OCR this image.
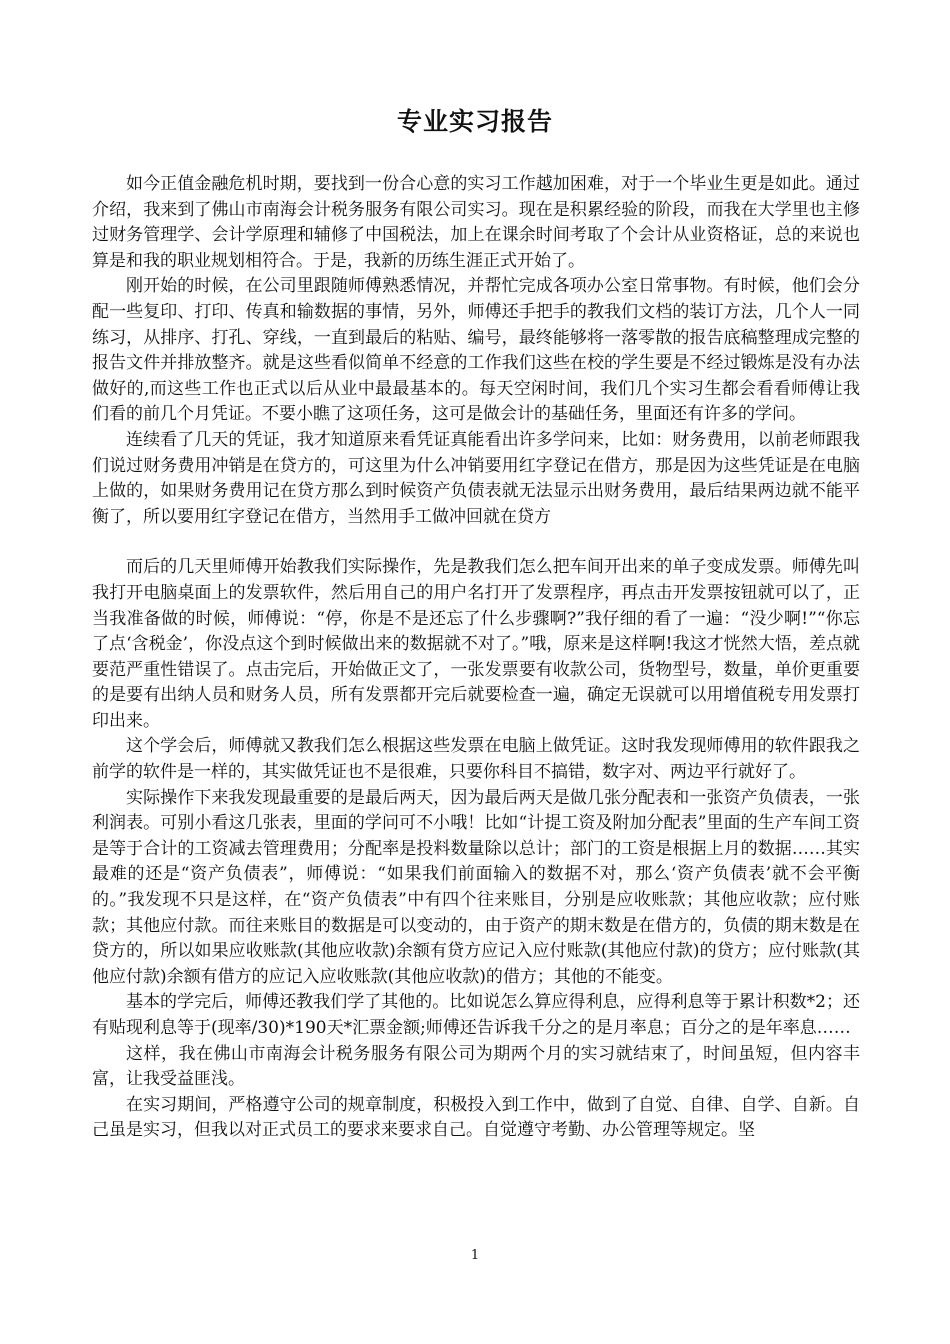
专业实习报告

如今正值金融危机时期，要找到一份合心意的实习工作越加困难，对于一个毕业生更是如此。通过介绍，我来到了佛山市南海会计税务服务有限公司实习。现在是积累经验的阶段，而我在大学里也主修过财务管理学、会计学原理和辅修了中国税法，加上在课余时间考取了个会计从业资格证，总的来说也算是和我的职业规划相符合。于是，我新的历练生涯正式开始了。

刚开始的时候，在公司里跟随师傅熟悉情况，并帮忙完成各项办公室日常事物。有时候，他们会分配一些复印、打印、传真和输数据的事情，另外，师傅还手把手的教我们文档的装订方法，几个人一同练习，从排序、打孔、穿线，一直到最后的粘贴、编号，最终能够将一落零散的报告底稿整理成完整的报告文件并排放整齐。就是这些看似简单不经意的工作我们这些在校的学生要是不经过锻炼是没有办法做好的,而这些工作也正式以后从业中最最基本的。每天空闲时间，我们几个实习生都会看看师傅让我们看的前几个月凭证。不要小瞧了这项任务，这可是做会计的基础任务，里面还有许多的学问。

连续看了几天的凭证，我才知道原来看凭证真能看出许多学问来，比如：财务费用，以前老师跟我们说过财务费用冲销是在贷方的，可这里为什么冲销要用红字登记在借方，那是因为这些凭证是在电脑上做的，如果财务费用记在贷方那么到时候资产负债表就无法显示出财务费用，最后结果两边就不能平衡了，所以要用红字登记在借方，当然用手工做冲回就在贷方

而后的几天里师傅开始教我们实际操作，先是教我们怎么把车间开出来的单子变成发票。师傅先叫我打开电脑桌面上的发票软件，然后用自己的用户名打开了发票程序，再点击开发票按钮就可以了，正当我准备做的时候，师傅说：“停，你是不是还忘了什么步骤啊?”我仔细的看了一遍：“没少啊!”“你忘了点‘含税金’，你没点这个到时候做出来的数据就不对了。”哦，原来是这样啊!我这才恍然大悟，差点就要范严重性错误了。点击完后，开始做正文了，一张发票要有收款公司，货物型号，数量，单价更重要的是要有出纳人员和财务人员，所有发票都开完后就要检查一遍，确定无误就可以用增值税专用发票打印出来。

这个学会后，师傅就又教我们怎么根据这些发票在电脑上做凭证。这时我发现师傅用的软件跟我之前学的软件是一样的，其实做凭证也不是很难，只要你科目不搞错，数字对、两边平行就好了。

实际操作下来我发现最重要的是最后两天，因为最后两天是做几张分配表和一张资产负债表，一张利润表。可别小看这几张表，里面的学问可不小哦！比如“计提工资及附加分配表”里面的生产车间工资是等于合计的工资减去管理费用；分配率是投料数量除以总计；部门的工资是根据上月的数据……其实最难的还是“资产负债表”，师傅说：“如果我们前面输入的数据不对，那么‘资产负债表’就不会平衡的。”我发现不只是这样，在“资产负债表”中有四个往来账目，分别是应收账款；其他应收款；应付账款；其他应付款。而往来账目的数据是可以变动的，由于资产的期末数是在借方的，负债的期末数是在贷方的，所以如果应收账款(其他应收款)余额有贷方应记入应付账款(其他应付款)的贷方；应付账款(其他应付款)余额有借方的应记入应收账款(其他应收款)的借方；其他的不能变。

基本的学完后，师傅还教我们学了其他的。比如说怎么算应得利息，应得利息等于累计积数*2；还有贴现利息等于(现率/30)*190天*汇票金额;师傅还告诉我千分之的是月率息；百分之的是年率息……

这样，我在佛山市南海会计税务服务有限公司为期两个月的实习就结束了，时间虽短，但内容丰富，让我受益匪浅。

在实习期间，严格遵守公司的规章制度，积极投入到工作中，做到了自觉、自律、自学、自新。自己虽是实习，但我以对正式员工的要求来要求自己。自觉遵守考勤、办公管理等规定。坚

1
